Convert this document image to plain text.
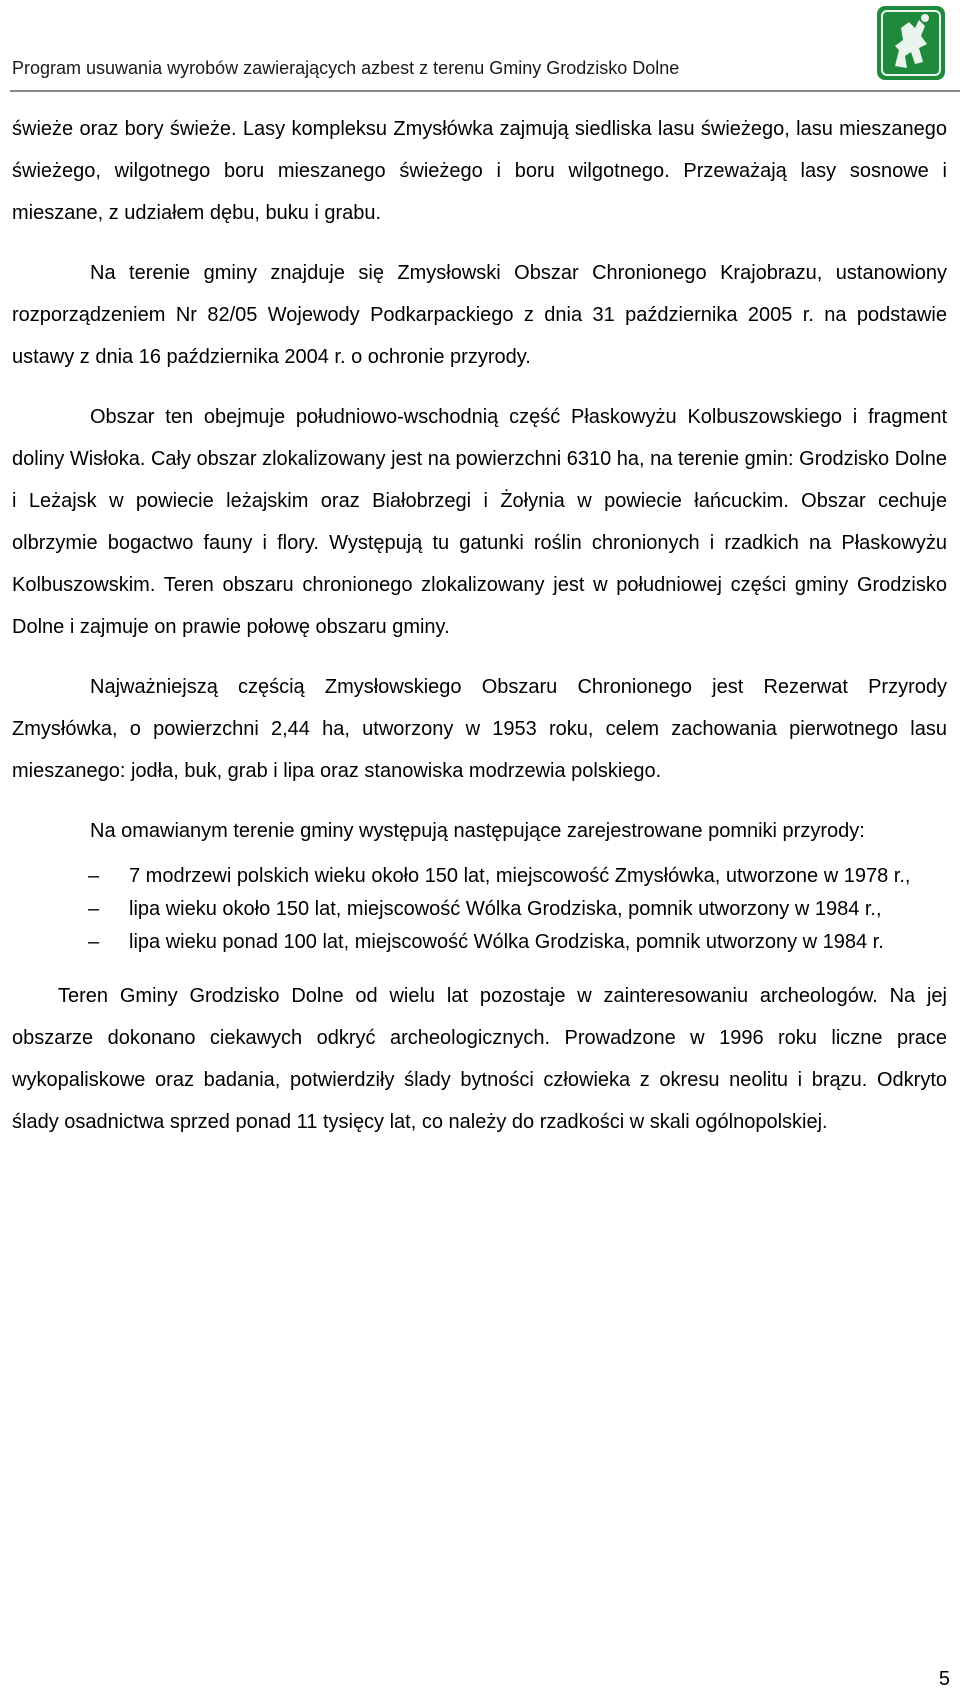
Program usuwania wyrobów zawierających azbest z terenu Gminy Grodzisko Dolne

świeże oraz bory świeże. Lasy kompleksu Zmysłówka zajmują siedliska lasu świeżego, lasu mieszanego świeżego, wilgotnego boru mieszanego świeżego i boru wilgotnego. Przeważają lasy sosnowe i mieszane, z udziałem dębu, buku i grabu.

Na terenie gminy znajduje się Zmysłowski Obszar Chronionego Krajobrazu, ustanowiony rozporządzeniem Nr 82/05 Wojewody Podkarpackiego z dnia 31 października 2005 r. na podstawie ustawy z dnia 16 października 2004 r. o ochronie przyrody.

Obszar ten obejmuje południowo-wschodnią część Płaskowyżu Kolbuszowskiego i fragment doliny Wisłoka. Cały obszar zlokalizowany jest na powierzchni 6310 ha, na terenie gmin: Grodzisko Dolne i Leżajsk w powiecie leżajskim oraz Białobrzegi i Żołynia w powiecie łańcuckim. Obszar cechuje olbrzymie bogactwo fauny i flory. Występują tu gatunki roślin chronionych i rzadkich na Płaskowyżu Kolbuszowskim. Teren obszaru chronionego zlokalizowany jest w południowej części gminy Grodzisko Dolne i zajmuje on prawie połowę obszaru gminy.

Najważniejszą częścią Zmysłowskiego Obszaru Chronionego jest Rezerwat Przyrody Zmysłówka, o powierzchni 2,44 ha, utworzony w 1953 roku, celem zachowania pierwotnego lasu mieszanego: jodła, buk, grab i lipa oraz stanowiska modrzewia polskiego.

Na omawianym terenie gminy występują następujące zarejestrowane pomniki przyrody:

–	7 modrzewi polskich wieku około 150 lat, miejscowość Zmysłówka, utworzone w 1978 r.,
–	lipa wieku około 150 lat, miejscowość Wólka Grodziska, pomnik utworzony w 1984 r.,
–	lipa wieku ponad 100 lat, miejscowość Wólka Grodziska, pomnik utworzony w 1984 r.

Teren Gminy Grodzisko Dolne od wielu lat pozostaje w zainteresowaniu archeologów. Na jej obszarze dokonano ciekawych odkryć archeologicznych. Prowadzone w 1996 roku liczne prace wykopaliskowe oraz badania, potwierdziły ślady bytności człowieka z okresu neolitu i brązu. Odkryto ślady osadnictwa sprzed ponad 11 tysięcy lat, co należy do rzadkości w skali ogólnopolskiej.

5
